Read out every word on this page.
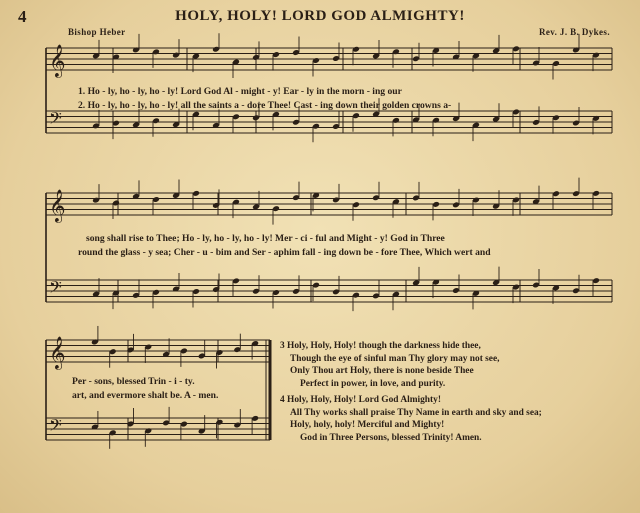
4	HOLY, HOLY! LORD GOD ALMIGHTY!
Bishop Heber	Rev. J. B. Dykes.
𝄞
𝄢
𝄞
𝄢
𝄞
𝄢
1. Ho - ly, ho - ly, ho - ly! Lord God Al - might - y! Ear - ly in the morn - ing our
2. Ho - ly, ho - ly, ho - ly! all the saints a - dore Thee! Cast - ing down their golden crowns a-
song shall rise to Thee; Ho - ly, ho - ly, ho - ly! Mer - ci - ful and Might - y! God in Three
round the glass - y sea; Cher - u - bim and Ser - aphim fall - ing down be - fore Thee, Which wert and
Per - sons, blessed Trin - i - ty.
art, and evermore shalt be. A - men.
3 Holy, Holy, Holy! though the darkness hide thee,
Though the eye of sinful man Thy glory may not see,
Only Thou art Holy, there is none beside Thee
Perfect in power, in love, and purity.
4 Holy, Holy, Holy! Lord God Almighty!
All Thy works shall praise Thy Name in earth and sky and sea;
Holy, holy, holy! Merciful and Mighty!
God in Three Persons, blessed Trinity! Amen.
